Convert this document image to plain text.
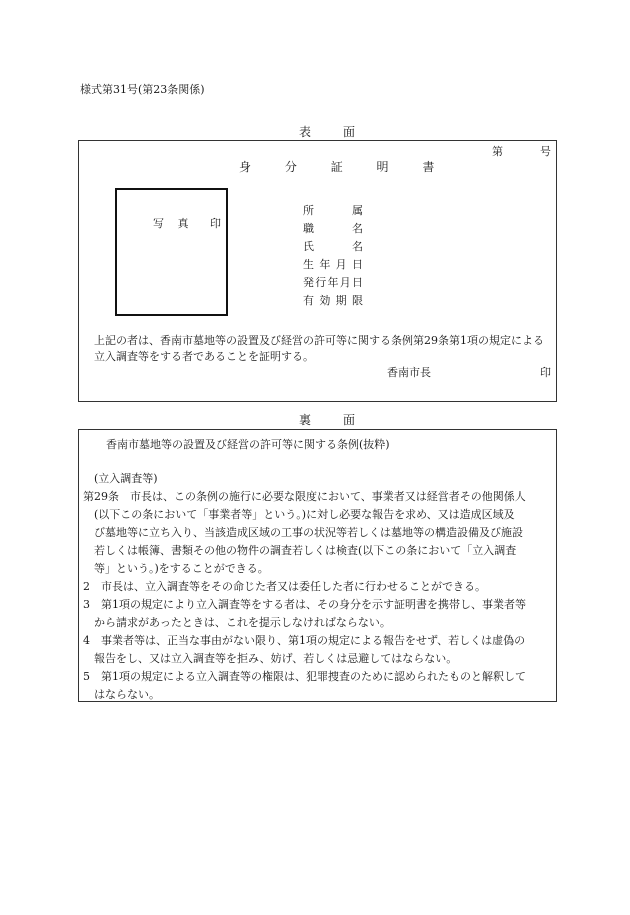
様式第31号(第23条関係)
表　面
第	号
身	分	証	明	書
写 真	印
所　　属
職　　名
氏　　名
生 年 月 日
発行年月日
有 効 期 限
上記の者は、香南市墓地等の設置及び経営の許可等に関する条例第29条第1項の規定による立入調査等をする者であることを証明する。
香南市長	印
裏　面
香南市墓地等の設置及び経営の許可等に関する条例(抜粋)
(立入調査等)
第29条　市長は、この条例の施行に必要な限度において、事業者又は経営者その他関係人
(以下この条において「事業者等」という。)に対し必要な報告を求め、又は造成区域及
び墓地等に立ち入り、当該造成区域の工事の状況等若しくは墓地等の構造設備及び施設
若しくは帳簿、書類その他の物件の調査若しくは検査(以下この条において「立入調査
等」という。)をすることができる。
2　市長は、立入調査等をその命じた者又は委任した者に行わせることができる。
3　第1項の規定により立入調査等をする者は、その身分を示す証明書を携帯し、事業者等
から請求があったときは、これを提示しなければならない。
4　事業者等は、正当な事由がない限り、第1項の規定による報告をせず、若しくは虚偽の
報告をし、又は立入調査等を拒み、妨げ、若しくは忌避してはならない。
5　第1項の規定による立入調査等の権限は、犯罪捜査のために認められたものと解釈して
はならない。
